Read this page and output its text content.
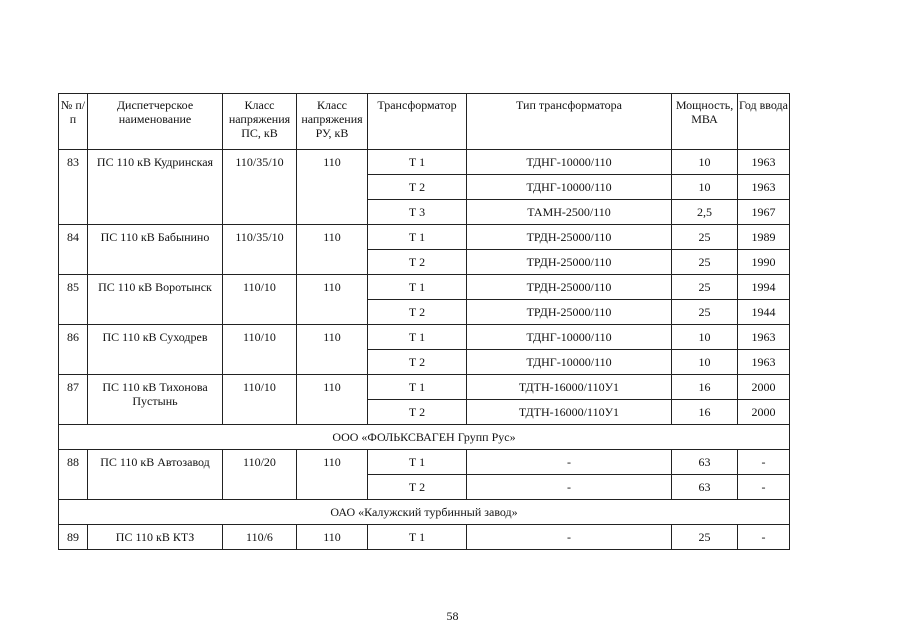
№ п/п	Диспетчерское наименование	Класс напряжения ПС, кВ	Класс напряжения РУ, кВ	Трансформатор	Тип трансформатора	Мощность, МВА	Год ввода
83	ПС 110 кВ Кудринская	110/35/10	110	Т 1	ТДНГ-10000/110	10	1963
				Т 2	ТДНГ-10000/110	10	1963
				Т 3	ТАМН-2500/110	2,5	1967
84	ПС 110 кВ Бабынино	110/35/10	110	Т 1	ТРДН-25000/110	25	1989
				Т 2	ТРДН-25000/110	25	1990
85	ПС 110 кВ Воротынск	110/10	110	Т 1	ТРДН-25000/110	25	1994
				Т 2	ТРДН-25000/110	25	1944
86	ПС 110 кВ Суходрев	110/10	110	Т 1	ТДНГ-10000/110	10	1963
				Т 2	ТДНГ-10000/110	10	1963
87	ПС 110 кВ Тихонова Пустынь	110/10	110	Т 1	ТДТН-16000/110У1	16	2000
				Т 2	ТДТН-16000/110У1	16	2000
ООО «ФОЛЬКСВАГЕН Групп Рус»							
88	ПС 110 кВ Автозавод	110/20	110	Т 1	-	63	-
				Т 2	-	63	-
ОАО «Калужский турбинный завод»							
89	ПС 110 кВ КТЗ	110/6	110	Т 1	-	25	-
58
